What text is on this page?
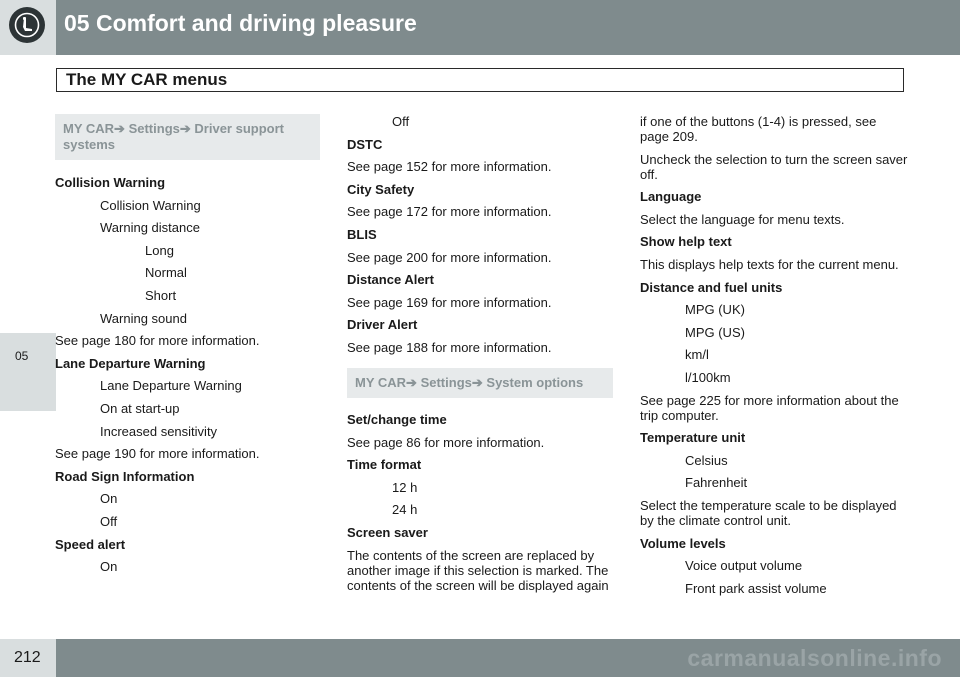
05 Comfort and driving pleasure
The MY CAR menus
05
MY CAR➔ Settings➔ Driver support systems
Collision Warning
Collision Warning
Warning distance
Long
Normal
Short
Warning sound
See page 180 for more information.
Lane Departure Warning
Lane Departure Warning
On at start-up
Increased sensitivity
See page 190 for more information.
Road Sign Information
On
Off
Speed alert
On
Off
DSTC
See page 152 for more information.
City Safety
See page 172 for more information.
BLIS
See page 200 for more information.
Distance Alert
See page 169 for more information.
Driver Alert
See page 188 for more information.
MY CAR➔ Settings➔ System options
Set/change time
See page 86 for more information.
Time format
12 h
24 h
Screen saver
The contents of the screen are replaced by another image if this selection is marked. The contents of the screen will be displayed again
if one of the buttons (1-4) is pressed, see page 209.
Uncheck the selection to turn the screen saver off.
Language
Select the language for menu texts.
Show help text
This displays help texts for the current menu.
Distance and fuel units
MPG (UK)
MPG (US)
km/l
l/100km
See page 225 for more information about the trip computer.
Temperature unit
Celsius
Fahrenheit
Select the temperature scale to be displayed by the climate control unit.
Volume levels
Voice output volume
Front park assist volume
212	carmanualsonline.info
